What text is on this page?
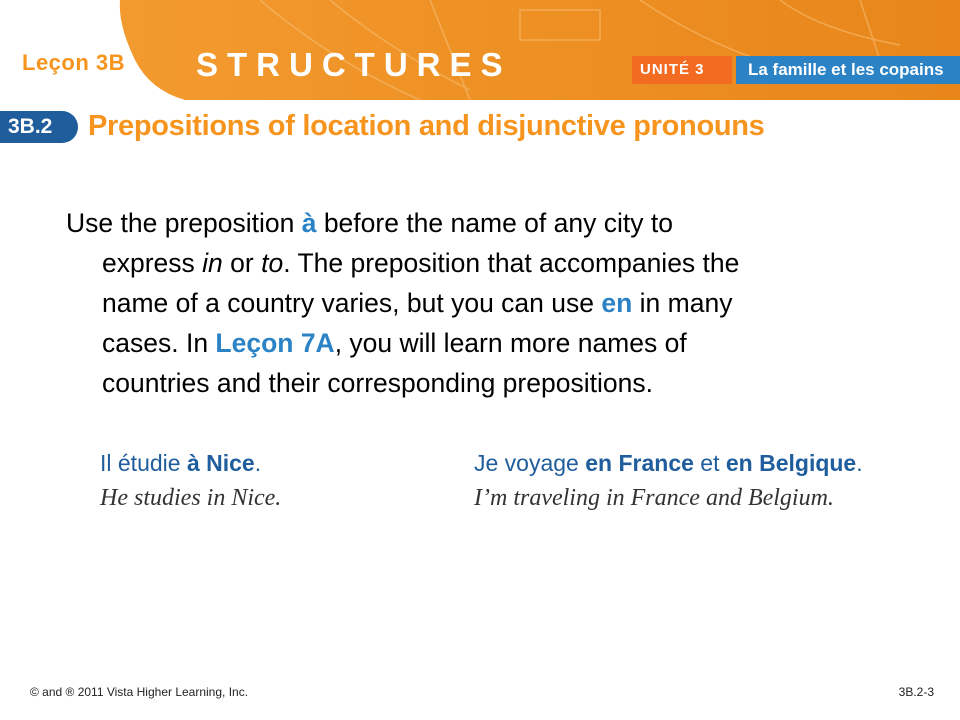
Leçon 3B STRUCTURES	UNITÉ 3	La famille et les copains
3B.2 Prepositions of location and disjunctive pronouns
Use the preposition à before the name of any city to
express in or to. The preposition that accompanies the
name of a country varies, but you can use en in many
cases. In Leçon 7A, you will learn more names of
countries and their corresponding prepositions.
Il étudie à Nice.
He studies in Nice.
Je voyage en France et en Belgique.
I’m traveling in France and Belgium.
© and ® 2011 Vista Higher Learning, Inc.	3B.2-3
